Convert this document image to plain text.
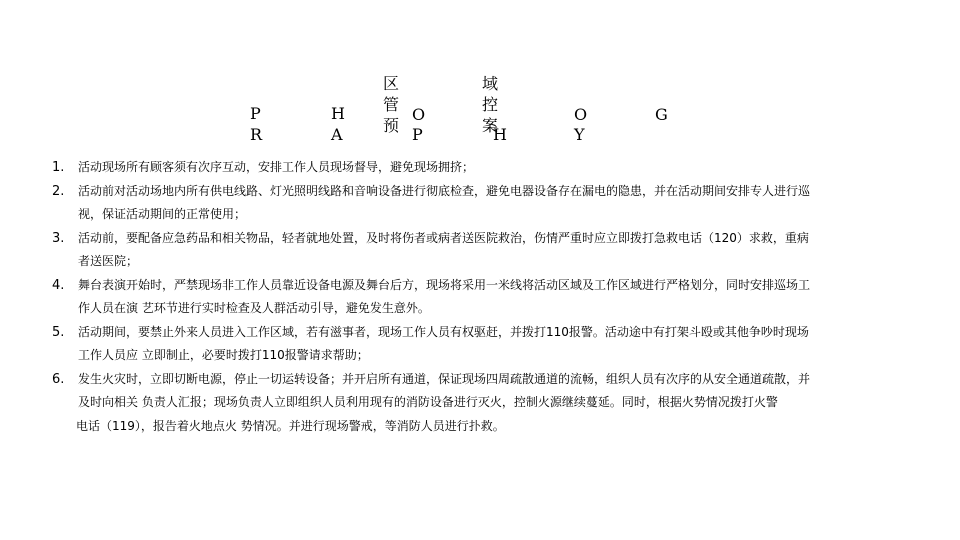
P
R
H
A
O
P	H
O
Y
G
区
管
预
域
控
案
1. 活动现场所有顾客须有次序互动，安排工作人员现场督导，避免现场拥挤；
2. 活动前对活动场地内所有供电线路、灯光照明线路和音响设备进行彻底检查，避免电器设备存在漏电的隐患，并在活动期间安排专人进行巡
视，保证活动期间的正常使用；
3. 活动前，要配备应急药品和相关物品，轻者就地处置，及时将伤者或病者送医院救治，伤情严重时应立即拨打急救电话（120）求救，重病
者送医院；
4. 舞台表演开始时，严禁现场非工作人员靠近设备电源及舞台后方，现场将采用一米线将活动区域及工作区域进行严格划分，同时安排巡场工
作人员在演 艺环节进行实时检查及人群活动引导，避免发生意外。
5. 活动期间，要禁止外来人员进入工作区域，若有滋事者，现场工作人员有权驱赶，并拨打110报警。活动途中有打架斗殴或其他争吵时现场
工作人员应 立即制止，必要时拨打110报警请求帮助；
6. 发生火灾时，立即切断电源，停止一切运转设备；并开启所有通道，保证现场四周疏散通道的流畅，组织人员有次序的从安全通道疏散，并
及时向相关 负责人汇报；现场负责人立即组织人员利用现有的消防设备进行灭火，控制火源继续蔓延。同时，根据火势情况拨打火警
电话（119），报告着火地点火 势情况。并进行现场警戒，等消防人员进行扑救。
